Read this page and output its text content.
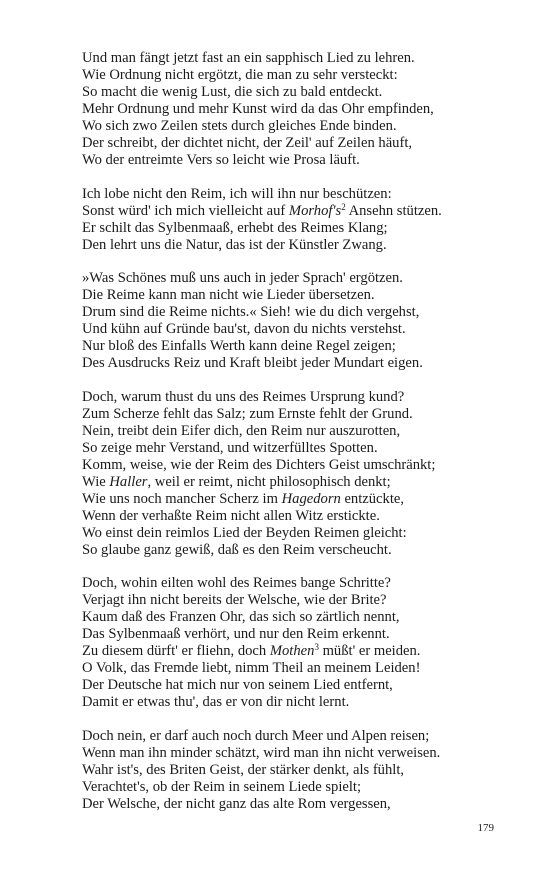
Und man fängt jetzt fast an ein sapphisch Lied zu lehren.
Wie Ordnung nicht ergötzt, die man zu sehr versteckt:
So macht die wenig Lust, die sich zu bald entdeckt.
Mehr Ordnung und mehr Kunst wird da das Ohr empfinden,
Wo sich zwo Zeilen stets durch gleiches Ende binden.
Der schreibt, der dichtet nicht, der Zeil' auf Zeilen häuft,
Wo der entreimte Vers so leicht wie Prosa läuft.
Ich lobe nicht den Reim, ich will ihn nur beschützen:
Sonst würd' ich mich vielleicht auf $Morhof's^2$ Ansehn stützen.
Er schilt das Sylbenmaaß, erhebt des Reimes Klang;
Den lehrt uns die Natur, das ist der Künstler Zwang.
»Was Schönes muß uns auch in jeder Sprach' ergötzen.
Die Reime kann man nicht wie Lieder übersetzen.
Drum sind die Reime nichts.« Sieh! wie du dich vergehst,
Und kühn auf Gründe bau'st, davon du nichts verstehst.
Nur bloß des Einfalls Werth kann deine Regel zeigen;
Des Ausdrucks Reiz und Kraft bleibt jeder Mundart eigen.
Doch, warum thust du uns des Reimes Ursprung kund?
Zum Scherze fehlt das Salz; zum Ernste fehlt der Grund.
Nein, treibt dein Eifer dich, den Reim nur auszurotten,
So zeige mehr Verstand, und witzerfülltes Spotten.
Komm, weise, wie der Reim des Dichters Geist umschränkt;
Wie Haller, weil er reimt, nicht philosophisch denkt;
Wie uns noch mancher Scherz im Hagedorn entzückte,
Wenn der verhaßte Reim nicht allen Witz erstickte.
Wo einst dein reimlos Lied der Beyden Reimen gleicht:
So glaube ganz gewiß, daß es den Reim verscheucht.
Doch, wohin eilten wohl des Reimes bange Schritte?
Verjagt ihn nicht bereits der Welsche, wie der Brite?
Kaum daß des Franzen Ohr, das sich so zärtlich nennt,
Das Sylbenmaaß verhört, und nur den Reim erkennt.
Zu diesem dürft' er fliehn, doch Mothen$^3$ müßt' er meiden.
O Volk, das Fremde liebt, nimm Theil an meinem Leiden!
Der Deutsche hat mich nur von seinem Lied entfernt,
Damit er etwas thu', das er von dir nicht lernt.
Doch nein, er darf auch noch durch Meer und Alpen reisen;
Wenn man ihn minder schätzt, wird man ihn nicht verweisen.
Wahr ist's, des Briten Geist, der stärker denkt, als fühlt,
Verachtet's, ob der Reim in seinem Liede spielt;
Der Welsche, der nicht ganz das alte Rom vergessen,
179
